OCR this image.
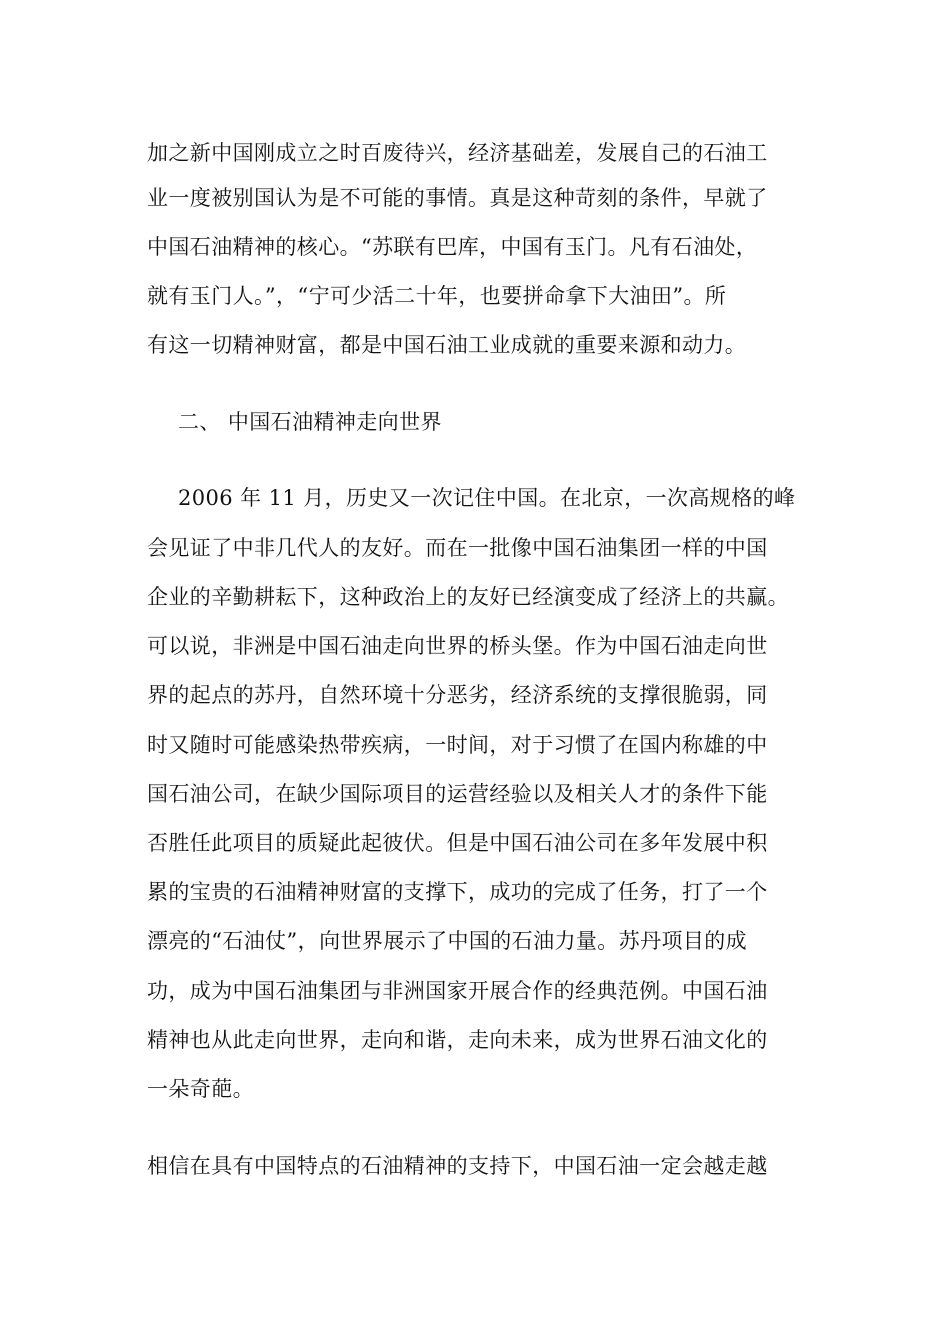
加之新中国刚成立之时百废待兴，经济基础差，发展自己的石油工
业一度被别国认为是不可能的事情。真是这种苛刻的条件，早就了
中国石油精神的核心。“苏联有巴库，中国有玉门。凡有石油处，
就有玉门人。”，“宁可少活二十年，也要拼命拿下大油田”。所
有这一切精神财富，都是中国石油工业成就的重要来源和动力。
二、 中国石油精神走向世界
2006 年 11 月，历史又一次记住中国。在北京，一次高规格的峰
会见证了中非几代人的友好。而在一批像中国石油集团一样的中国
企业的辛勤耕耘下，这种政治上的友好已经演变成了经济上的共赢。
可以说，非洲是中国石油走向世界的桥头堡。作为中国石油走向世
界的起点的苏丹，自然环境十分恶劣，经济系统的支撑很脆弱，同
时又随时可能感染热带疾病，一时间，对于习惯了在国内称雄的中
国石油公司，在缺少国际项目的运营经验以及相关人才的条件下能
否胜任此项目的质疑此起彼伏。但是中国石油公司在多年发展中积
累的宝贵的石油精神财富的支撑下，成功的完成了任务，打了一个
漂亮的“石油仗”，向世界展示了中国的石油力量。苏丹项目的成
功，成为中国石油集团与非洲国家开展合作的经典范例。中国石油
精神也从此走向世界，走向和谐，走向未来，成为世界石油文化的
一朵奇葩。
相信在具有中国特点的石油精神的支持下，中国石油一定会越走越
